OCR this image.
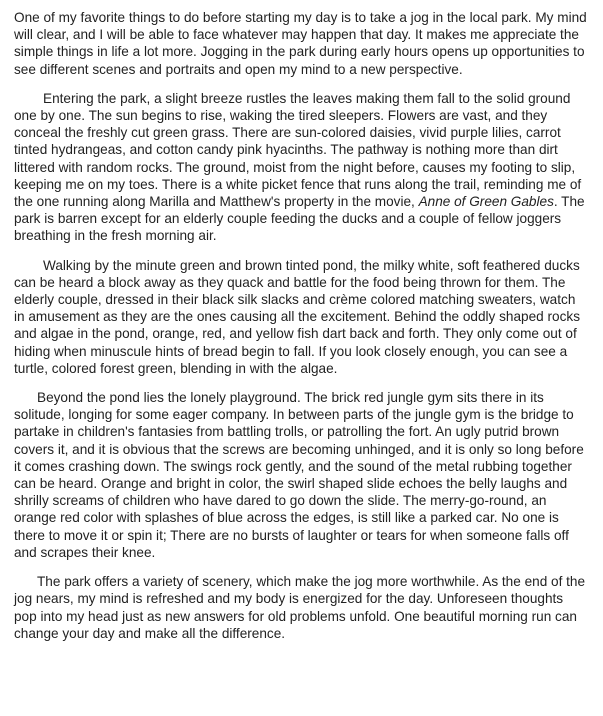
One of my favorite things to do before starting my day is to take a jog in the local park. My mind will clear, and I will be able to face whatever may happen that day. It makes me appreciate the simple things in life a lot more. Jogging in the park during early hours opens up opportunities to see different scenes and portraits and open my mind to a new perspective.

Entering the park, a slight breeze rustles the leaves making them fall to the solid ground one by one. The sun begins to rise, waking the tired sleepers. Flowers are vast, and they conceal the freshly cut green grass. There are sun-colored daisies, vivid purple lilies, carrot tinted hydrangeas, and cotton candy pink hyacinths. The pathway is nothing more than dirt littered with random rocks. The ground, moist from the night before, causes my footing to slip, keeping me on my toes. There is a white picket fence that runs along the trail, reminding me of the one running along Marilla and Matthew's property in the movie, Anne of Green Gables. The park is barren except for an elderly couple feeding the ducks and a couple of fellow joggers breathing in the fresh morning air.

Walking by the minute green and brown tinted pond, the milky white, soft feathered ducks can be heard a block away as they quack and battle for the food being thrown for them. The elderly couple, dressed in their black silk slacks and crème colored matching sweaters, watch in amusement as they are the ones causing all the excitement. Behind the oddly shaped rocks and algae in the pond, orange, red, and yellow fish dart back and forth. They only come out of hiding when minuscule hints of bread begin to fall. If you look closely enough, you can see a turtle, colored forest green, blending in with the algae.

Beyond the pond lies the lonely playground. The brick red jungle gym sits there in its solitude, longing for some eager company. In between parts of the jungle gym is the bridge to partake in children's fantasies from battling trolls, or patrolling the fort. An ugly putrid brown covers it, and it is obvious that the screws are becoming unhinged, and it is only so long before it comes crashing down. The swings rock gently, and the sound of the metal rubbing together can be heard. Orange and bright in color, the swirl shaped slide echoes the belly laughs and shrilly screams of children who have dared to go down the slide. The merry-go-round, an orange red color with splashes of blue across the edges, is still like a parked car. No one is there to move it or spin it; There are no bursts of laughter or tears for when someone falls off and scrapes their knee.

The park offers a variety of scenery, which make the jog more worthwhile. As the end of the jog nears, my mind is refreshed and my body is energized for the day. Unforeseen thoughts pop into my head just as new answers for old problems unfold. One beautiful morning run can change your day and make all the difference.
